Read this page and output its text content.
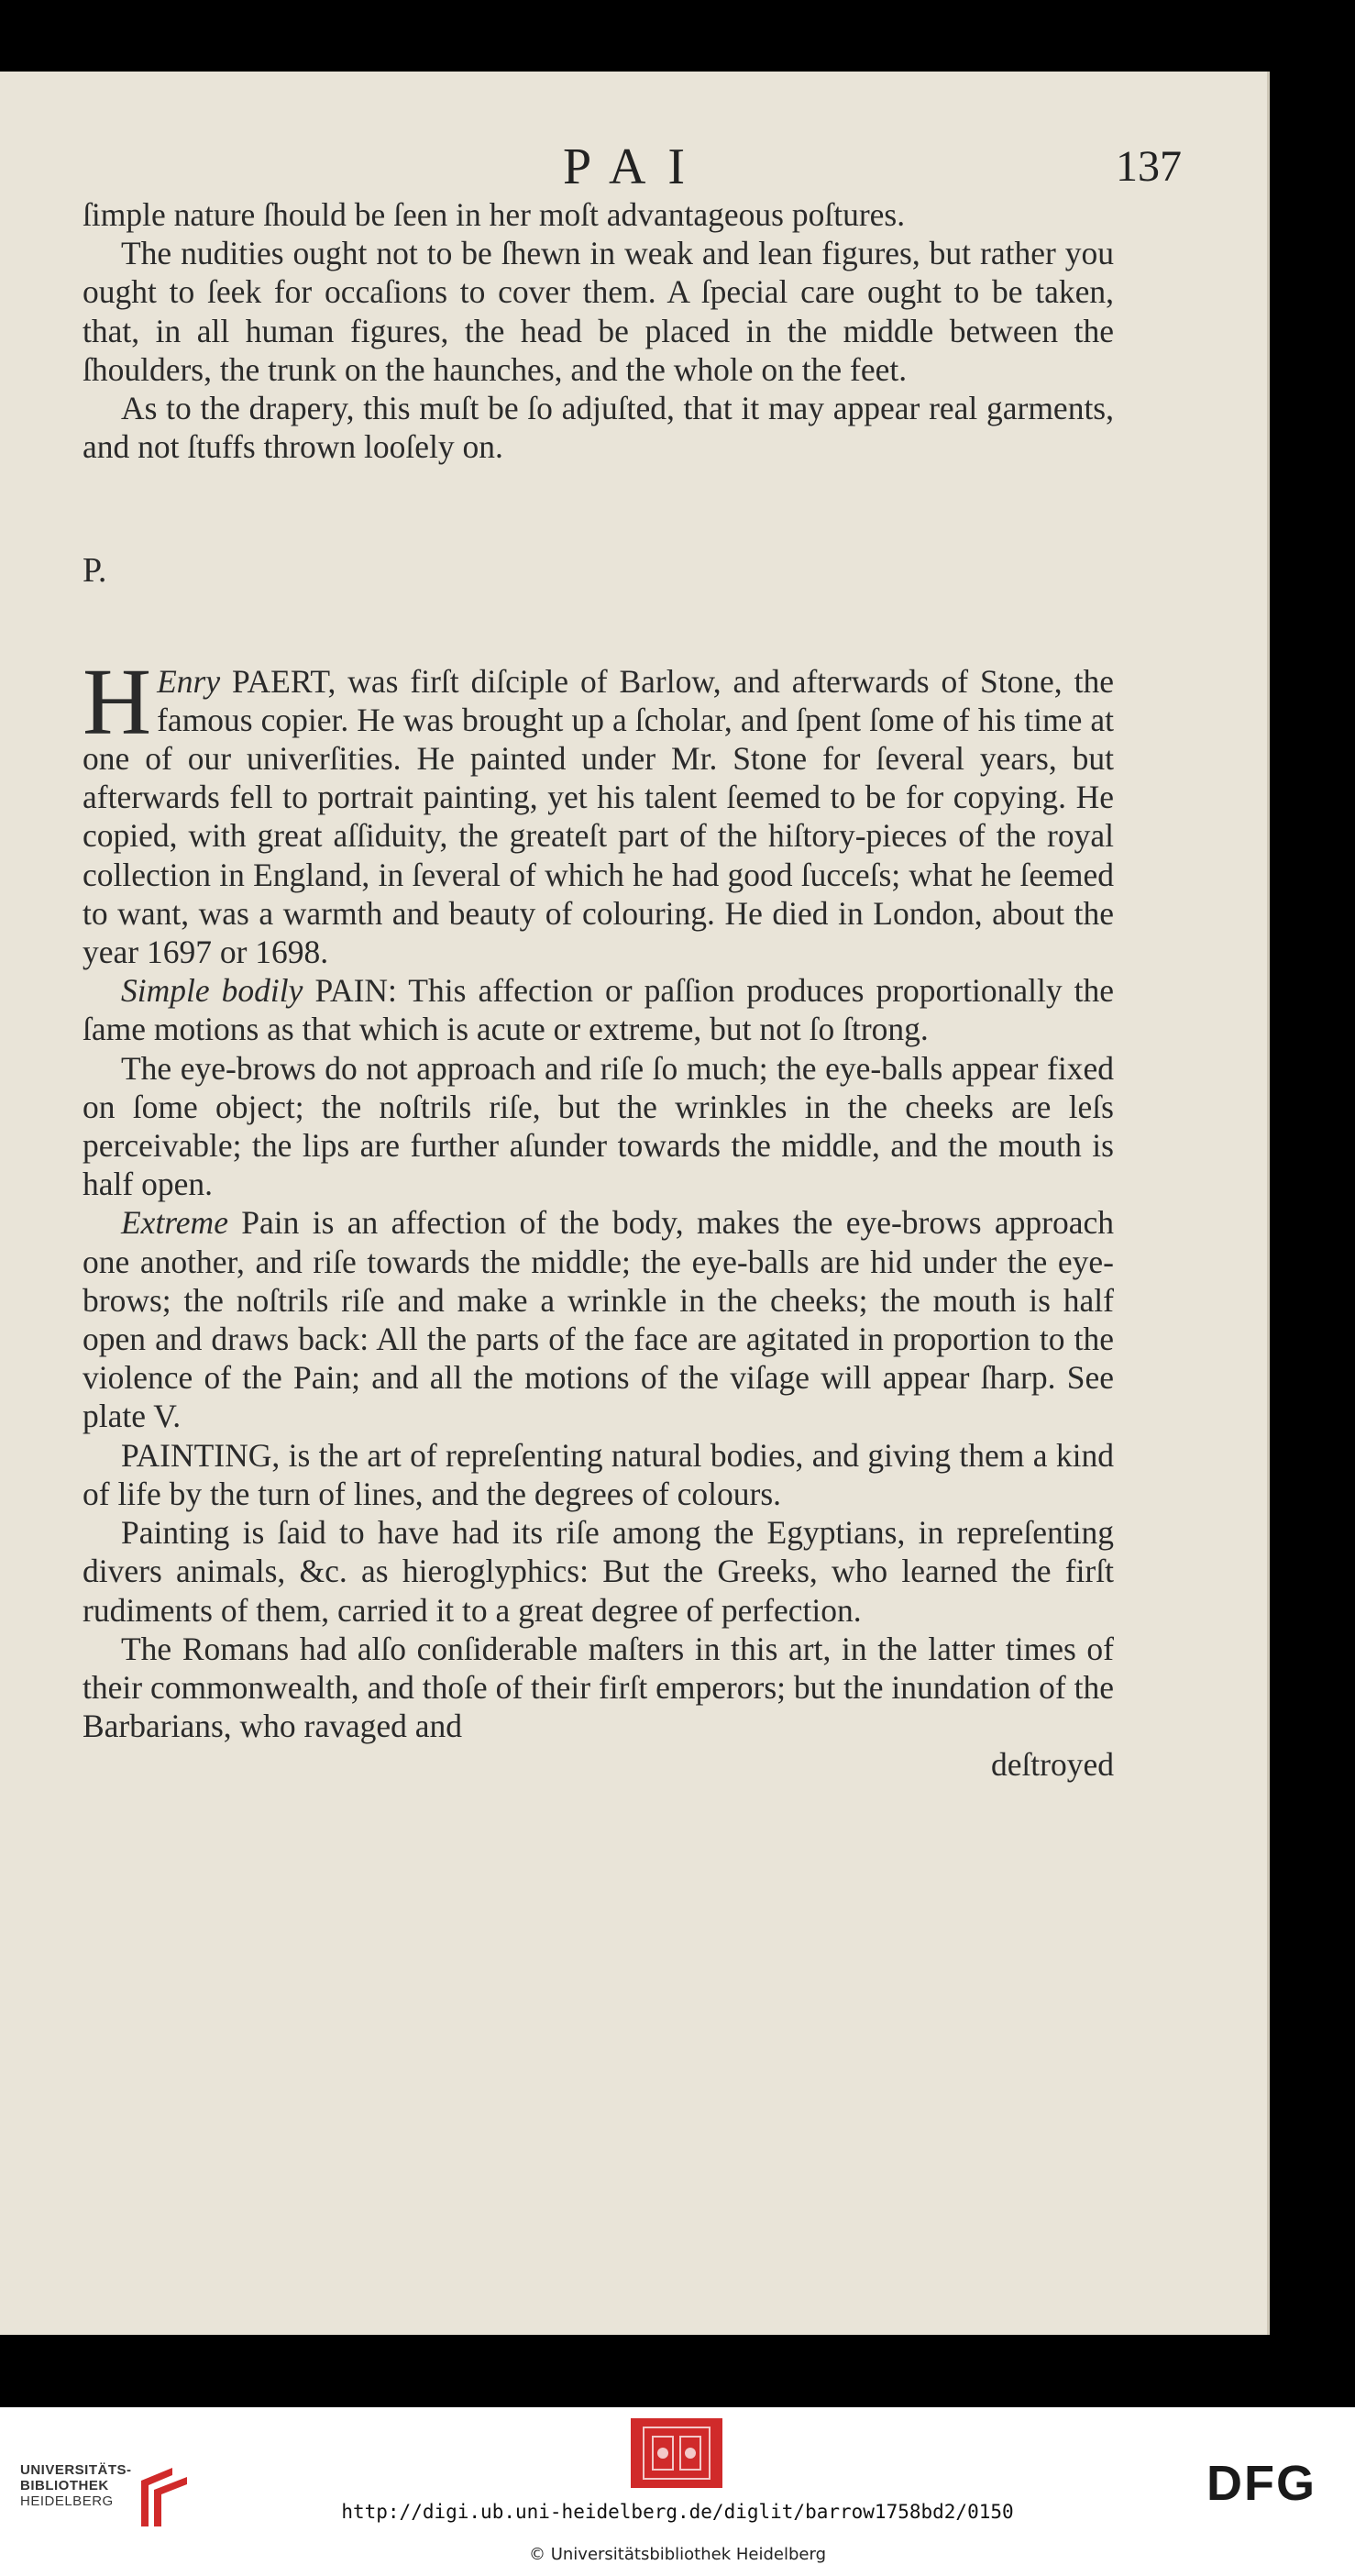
PAI	137

ſimple nature ſhould be ſeen in her moſt advantageous poſtures.

The nudities ought not to be ſhewn in weak and lean figures, but rather you ought to ſeek for occaſions to cover them. A ſpecial care ought to be taken, that, in all human figures, the head be placed in the middle between the ſhoulders, the trunk on the haunches, and the whole on the feet.

As to the drapery, this muſt be ſo adjuſted, that it may appear real garments, and not ſtuffs thrown looſely on.

P.

H Enry PAERT, was firſt diſciple of Barlow, and afterwards of Stone, the famous copier. He was brought up a ſcholar, and ſpent ſome of his time at one of our univerſities. He painted under Mr. Stone for ſeveral years, but afterwards fell to portrait painting, yet his talent ſeemed to be for copying. He copied, with great aſſiduity, the greateſt part of the hiſtory-pieces of the royal collection in England, in ſeveral of which he had good ſucceſs; what he ſeemed to want, was a warmth and beauty of colouring. He died in London, about the year 1697 or 1698.

Simple bodily PAIN: This affection or paſſion produces proportionally the ſame motions as that which is acute or extreme, but not ſo ſtrong.

The eye-brows do not approach and riſe ſo much; the eye-balls appear fixed on ſome object; the noſtrils riſe, but the wrinkles in the cheeks are leſs perceivable; the lips are further aſunder towards the middle, and the mouth is half open.

Extreme Pain is an affection of the body, makes the eye-brows approach one another, and riſe towards the middle; the eye-balls are hid under the eye-brows; the noſtrils riſe and make a wrinkle in the cheeks; the mouth is half open and draws back: All the parts of the face are agitated in proportion to the violence of the Pain; and all the motions of the viſage will appear ſharp. See plate V.

PAINTING, is the art of repreſenting natural bodies, and giving them a kind of life by the turn of lines, and the degrees of colours.

Painting is ſaid to have had its riſe among the Egyptians, in repreſenting divers animals, &c. as hieroglyphics: But the Greeks, who learned the firſt rudiments of them, carried it to a great degree of perfection.

The Romans had alſo conſiderable maſters in this art, in the latter times of their commonwealth, and thoſe of their firſt emperors; but the inundation of the Barbarians, who ravaged and

deſtroyed

UNIVERSITÄTS-
BIBLIOTHEK
HEIDELBERG	DFG
http://digi.ub.uni-heidelberg.de/diglit/barrow1758bd2/0150
© Universitätsbibliothek Heidelberg
